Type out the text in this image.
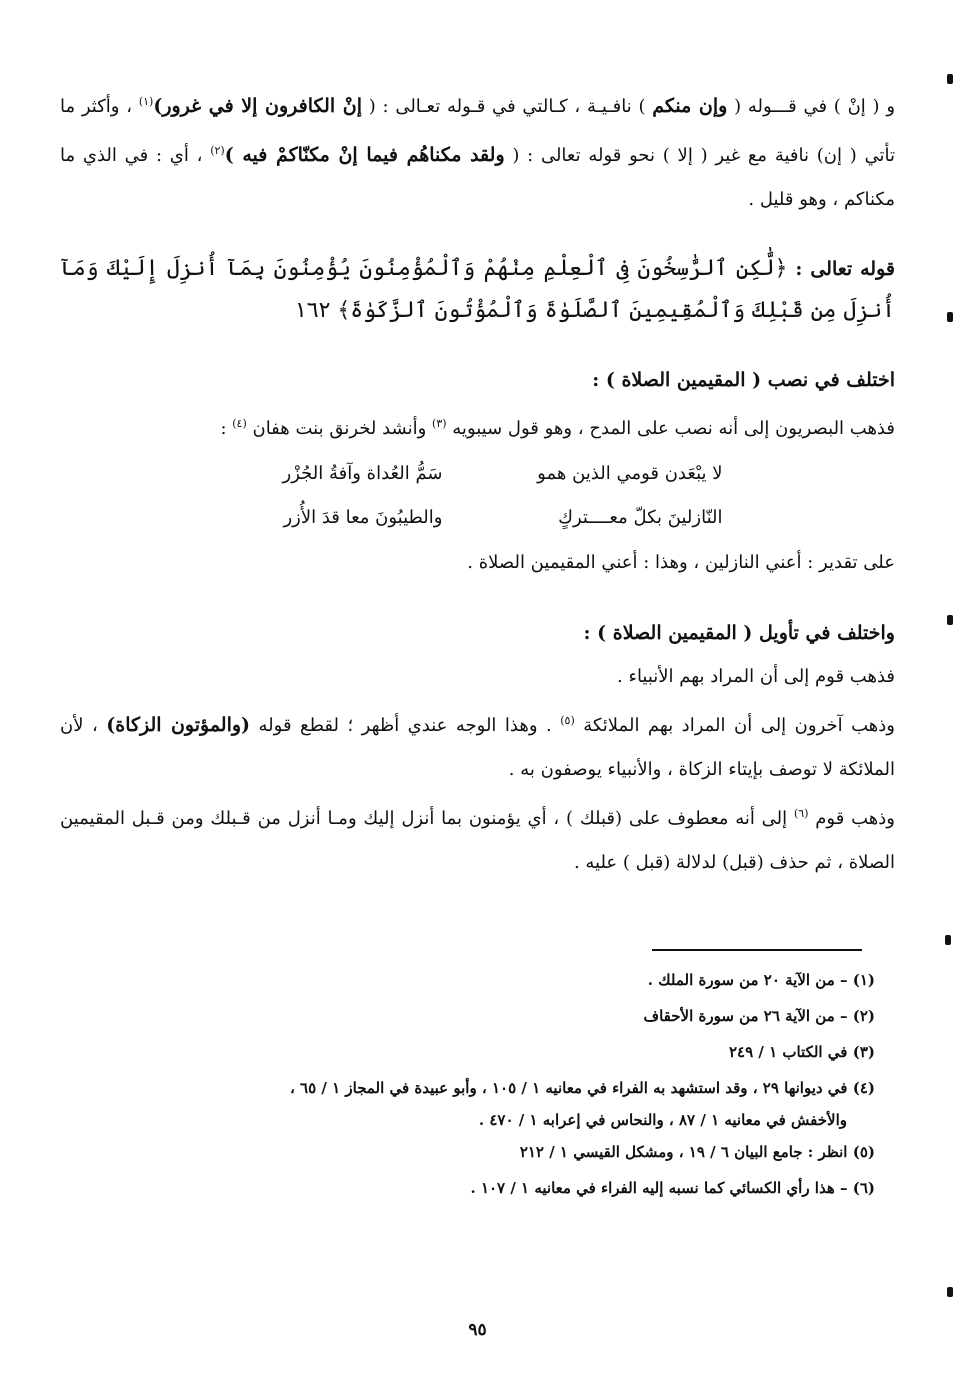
و ( إنْ ) في قـــوله ( وإن منكم ) نافـيـة ، كـالتي في قـوله تعـالى : ( إنْ الكافرون إلا في غرور)$^{(١)}$ ، وأكثر ما تأتي ( إن) نافية مع غير ( إلا ) نحو قوله تعالى : ( ولقد مكناهُم فيما إنْ مكنّاكمْ فيه )$^{(٢)}$ ، أي : في الذي ما مكناكم ، وهو قليل .

قوله تعالى : ﴿لَّٰكِنِ ٱلرَّٰسِخُونَ فِى ٱلْعِلْمِ مِنْهُمْ وَٱلْمُؤْمِنُونَ يُؤْمِنُونَ بِمَآ أُنزِلَ إِلَيْكَ وَمَآ أُنزِلَ مِن قَبْلِكَ وَٱلْمُقِيمِينَ ٱلصَّلَوٰةَ وَٱلْمُؤْتُونَ ٱلزَّكَوٰةَ﴾ ١٦٢

اختلف في نصب ( المقيمين الصلاة ) :

فذهب البصريون إلى أنه نصب على المدح ، وهو قول سيبويه $^{(٣)}$ وأنشد لخرنق بنت هفان $^{(٤)}$ :

لا يبْعَدن قومي الذين همو
سَمُّ العُداة وآفةُ الجُزْر
النّازلينَ بكلّ معــــتركٍ
والطيبُونَ معا قدَ الأُزر

على تقدير : أعني النازلين ، وهذا : أعني المقيمين الصلاة .

واختلف في تأويل ( المقيمين الصلاة ) :

فذهب قوم إلى أن المراد بهم الأنبياء .

وذهب آخرون إلى أن المراد بهم الملائكة $^{(٥)}$ . وهذا الوجه عندي أظهر ؛ لقطع قوله (والمؤتون الزكاة) ، لأن الملائكة لا توصف بإيتاء الزكاة ، والأنبياء يوصفون به .

وذهب قوم $^{(٦)}$ إلى أنه معطوف على (قبلك ) ، أي يؤمنون بما أنزل إليك ومـا أنزل من قـبلك ومن قـبل المقيمين الصلاة ، ثم حذف (قبل) لدلالة (قبل ) عليه .

(١) – من الآية ٢٠ من سورة الملك .

(٢) – من الآية ٢٦ من سورة الأحقاف

(٣) في الكتاب ١ / ٢٤٩

(٤) في ديوانها ٢٩ ، وقد استشهد به الفراء في معانيه ١ / ١٠٥ ، وأبو عبيدة في المجاز ١ / ٦٥ ،
والأخفش في معانيه ١ / ٨٧ ، والنحاس في إعرابه ١ / ٤٧٠ .

(٥) انظر : جامع البيان ٦ / ١٩ ، ومشكل القيسي ١ / ٢١٢

(٦) – هذا رأي الكسائي كما نسبه إليه الفراء في معانيه ١ / ١٠٧ .

٩٥
